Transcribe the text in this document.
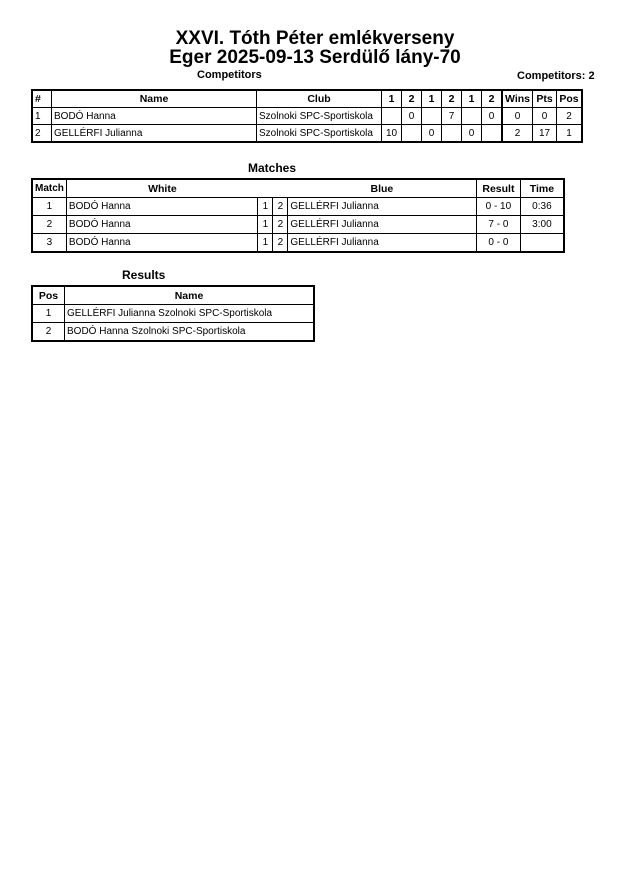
XXVI. Tóth Péter emlékverseny
Eger 2025-09-13 Serdülő lány-70
Competitors	Competitors: 2
#	Name	Club	1	2	1	2	1	2	Wins	Pts	Pos
1	BODÓ Hanna	Szolnoki SPC-Sportiskola		0		7		0	0	0	2
2	GELLÉRFI Julianna	Szolnoki SPC-Sportiskola	10		0		0		2	17	1
Matches
Match	White			Blue	Result	Time
1	BODÓ Hanna	1	2	GELLÉRFI Julianna	0 - 10	0:36
2	BODÓ Hanna	1	2	GELLÉRFI Julianna	7 - 0	3:00
3	BODÓ Hanna	1	2	GELLÉRFI Julianna	0 - 0	
Results
Pos	Name
1	GELLÉRFI Julianna Szolnoki SPC-Sportiskola
2	BODÓ Hanna Szolnoki SPC-Sportiskola
